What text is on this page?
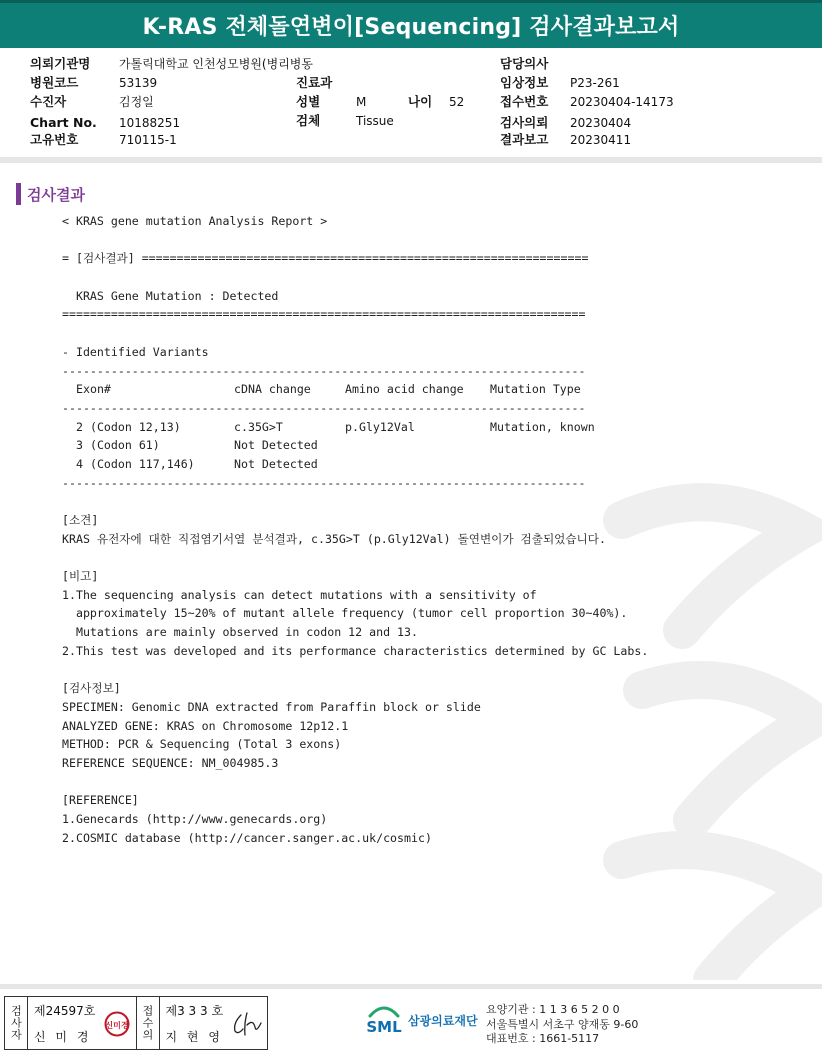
K-RAS 전체돌연변이[Sequencing] 검사결과보고서
의뢰기관명 가톨릭대학교 인천성모병원(병리병동
병원코드	53139
수진자	김정일
Chart No. 10188251
고유번호	710115-1
진료과
성별	M	나이 52
검체	Tissue
담당의사
임상정보 P23-261
접수번호 20230404-14173
검사의뢰 20230404
결과보고 20230411
검사결과
< KRAS gene mutation Analysis Report >
= [검사결과] ================================================================
KRAS Gene Mutation : Detected
===========================================================================
- Identified Variants
---------------------------------------------------------------------------
Exon#	cDNA change	Amino acid change	Mutation Type
---------------------------------------------------------------------------
2 (Codon 12,13)	c.35G>T	p.Gly12Val	Mutation, known
3 (Codon 61)	Not Detected
4 (Codon 117,146)	Not Detected
---------------------------------------------------------------------------
[소견]
KRAS 유전자에 대한 직접염기서열 분석결과, c.35G>T (p.Gly12Val) 돌연변이가 검출되었습니다.
[비고]
1.The sequencing analysis can detect mutations with a sensitivity of
approximately 15~20% of mutant allele frequency (tumor cell proportion 30~40%).
Mutations are mainly observed in codon 12 and 13.
2.This test was developed and its performance characteristics determined by GC Labs.
[검사정보]
SPECIMEN: Genomic DNA extracted from Paraffin block or slide
ANALYZED GENE: KRAS on Chromosome 12p12.1
METHOD: PCR & Sequencing (Total 3 exons)
REFERENCE SEQUENCE: NM_004985.3
[REFERENCE]
1.Genecards (http://www.genecards.org)
2.COSMIC database (http://cancer.sanger.ac.uk/cosmic)
검사자 제24597호
신 미 경
신미경 접수의 제3 3 3 호
지 현 영
SML 삼광의료재단
요양기관 : 1 1 3 6 5 2 0 0
서울특별시 서초구 양재동 9-60
대표번호 : 1661-5117
